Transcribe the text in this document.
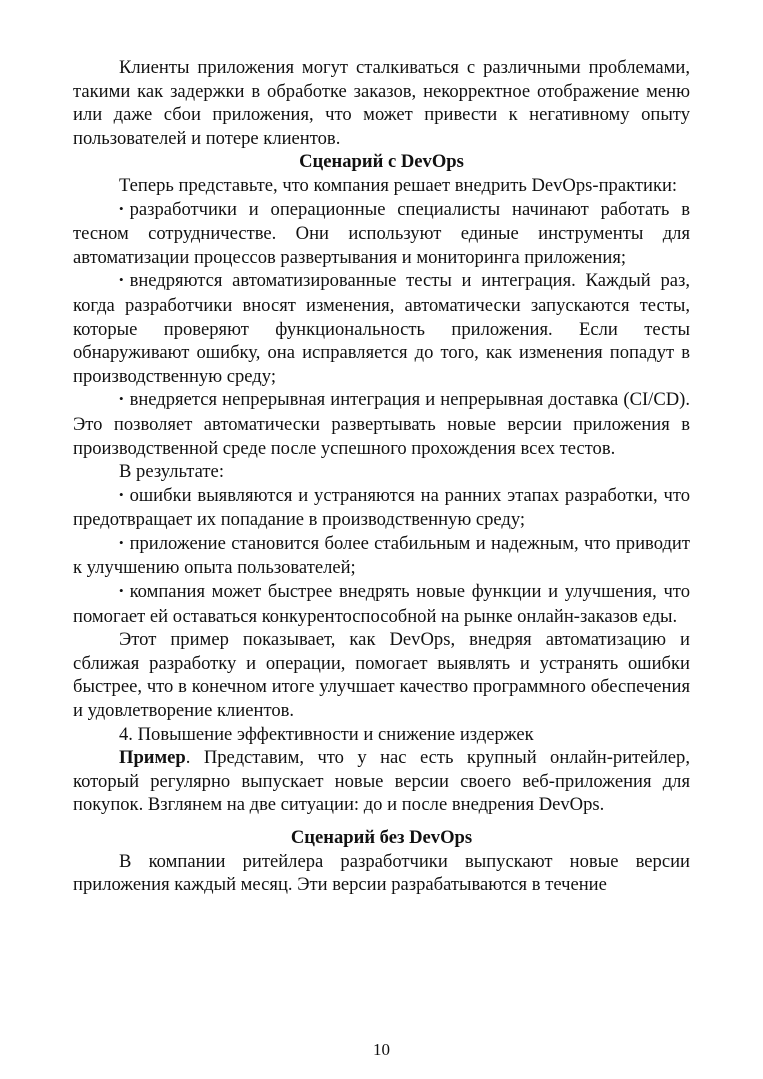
Клиенты приложения могут сталкиваться с различными проблемами, такими как задержки в обработке заказов, некорректное отображение меню или даже сбои приложения, что может привести к негативному опыту пользователей и потере клиентов.

Сценарий с DevOps

Теперь представьте, что компания решает внедрить DevOps-практики:

• разработчики и операционные специалисты начинают работать в тесном сотрудничестве. Они используют единые инструменты для автоматизации процессов развертывания и мониторинга приложения;

• внедряются автоматизированные тесты и интеграция. Каждый раз, когда разработчики вносят изменения, автоматически запускаются тесты, которые проверяют функциональность приложения. Если тесты обнаруживают ошибку, она исправляется до того, как изменения попадут в производственную среду;

• внедряется непрерывная интеграция и непрерывная доставка (CI/CD). Это позволяет автоматически развертывать новые версии приложения в производственной среде после успешного прохождения всех тестов.

В результате:

• ошибки выявляются и устраняются на ранних этапах разработки, что предотвращает их попадание в производственную среду;

• приложение становится более стабильным и надежным, что приводит к улучшению опыта пользователей;

• компания может быстрее внедрять новые функции и улучшения, что помогает ей оставаться конкурентоспособной на рынке онлайн-заказов еды.

Этот пример показывает, как DevOps, внедряя автоматизацию и сближая разработку и операции, помогает выявлять и устранять ошибки быстрее, что в конечном итоге улучшает качество программного обеспечения и удовлетворение клиентов.

4. Повышение эффективности и снижение издержек

Пример. Представим, что у нас есть крупный онлайн-ритейлер, который регулярно выпускает новые версии своего веб-приложения для покупок. Взглянем на две ситуации: до и после внедрения DevOps.

Сценарий без DevOps

В компании ритейлера разработчики выпускают новые версии приложения каждый месяц. Эти версии разрабатываются в течение

10
